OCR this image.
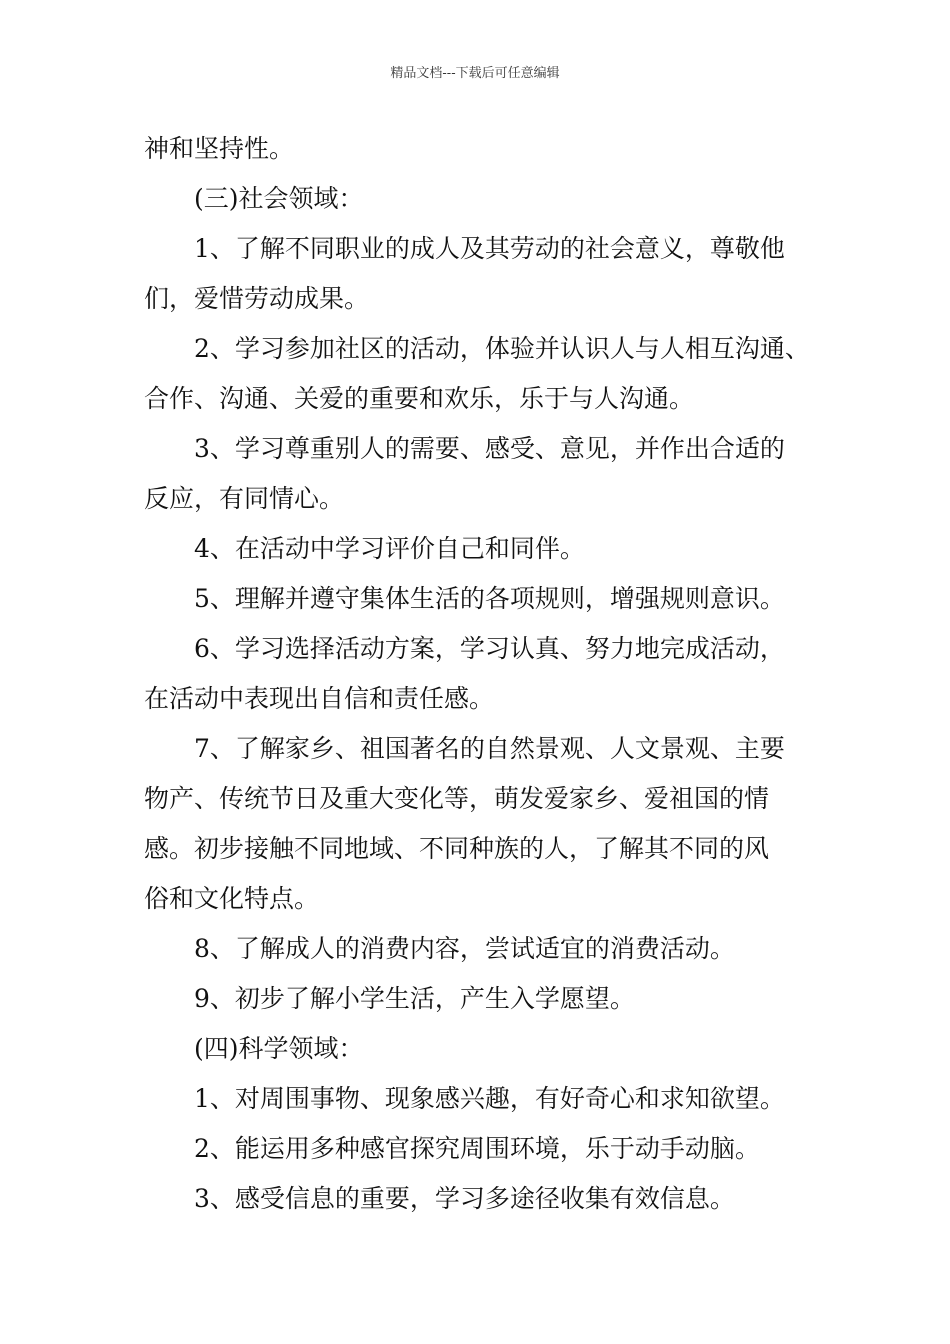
精品文档---下载后可任意编辑
神和坚持性。
(三)社会领域：
1、了解不同职业的成人及其劳动的社会意义，尊敬他
们，爱惜劳动成果。
2、学习参加社区的活动，体验并认识人与人相互沟通、
合作、沟通、关爱的重要和欢乐，乐于与人沟通。
3、学习尊重别人的需要、感受、意见，并作出合适的
反应，有同情心。
4、在活动中学习评价自己和同伴。
5、理解并遵守集体生活的各项规则，增强规则意识。
6、学习选择活动方案，学习认真、努力地完成活动，
在活动中表现出自信和责任感。
7、了解家乡、祖国著名的自然景观、人文景观、主要
物产、传统节日及重大变化等，萌发爱家乡、爱祖国的情
感。初步接触不同地域、不同种族的人，了解其不同的风
俗和文化特点。
8、了解成人的消费内容，尝试适宜的消费活动。
9、初步了解小学生活，产生入学愿望。
(四)科学领域：
1、对周围事物、现象感兴趣，有好奇心和求知欲望。
2、能运用多种感官探究周围环境，乐于动手动脑。
3、感受信息的重要，学习多途径收集有效信息。
